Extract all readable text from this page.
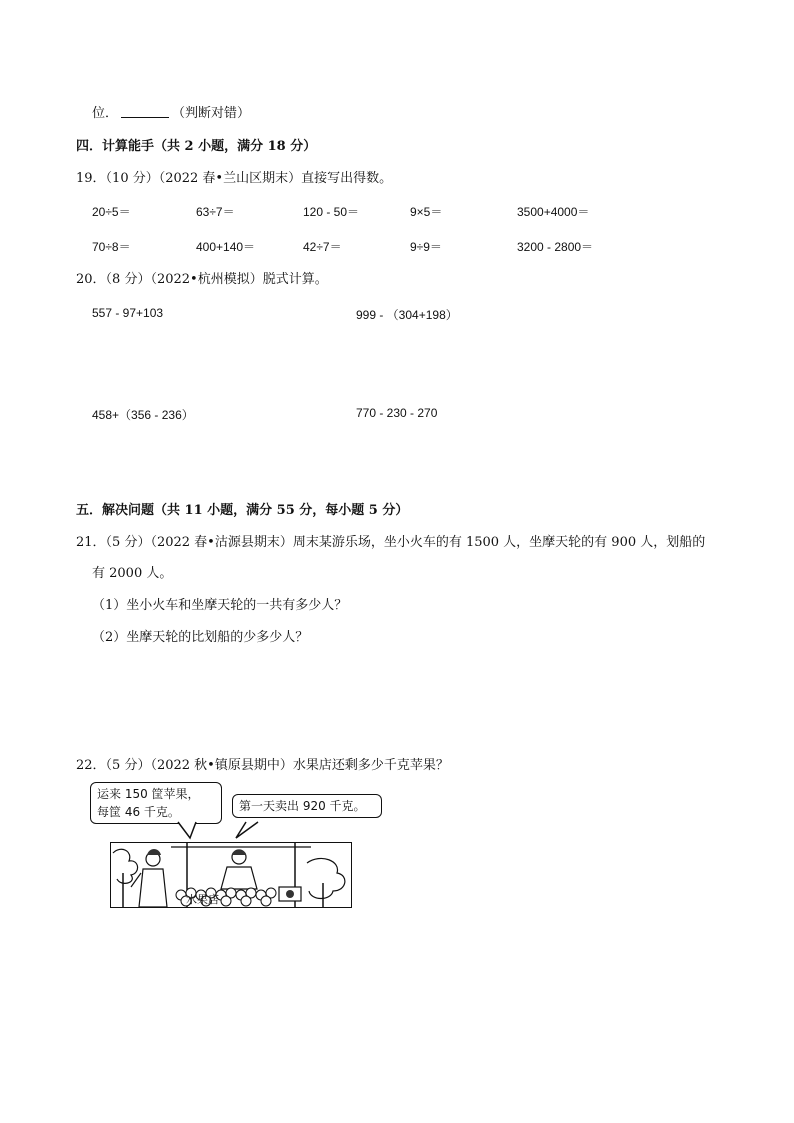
位．	（判断对错）
四．计算能手（共 2 小题，满分 18 分）
19．（10 分）（2022 春•兰山区期末）直接写出得数。
20÷5＝	63÷7＝	120 - 50＝	9×5＝	3500+4000＝
70÷8＝	400+140＝	42÷7＝	9÷9＝	3200 - 2800＝
20．（8 分）（2022•杭州模拟）脱式计算。
557 - 97+103	999 - （304+198）
458+（356 - 236）	770 - 230 - 270
五．解决问题（共 11 小题，满分 55 分，每小题 5 分）
21．（5 分）（2022 春•沽源县期末）周末某游乐场，坐小火车的有 1500 人，坐摩天轮的有 900 人，划船的
有 2000 人。
（1）坐小火车和坐摩天轮的一共有多少人？
（2）坐摩天轮的比划船的少多少人？
22．（5 分）（2022 秋•镇原县期中）水果店还剩多少千克苹果？
运来 150 筐苹果，
每筐 46 千克。	第一天卖出 920 千克。
水果店
